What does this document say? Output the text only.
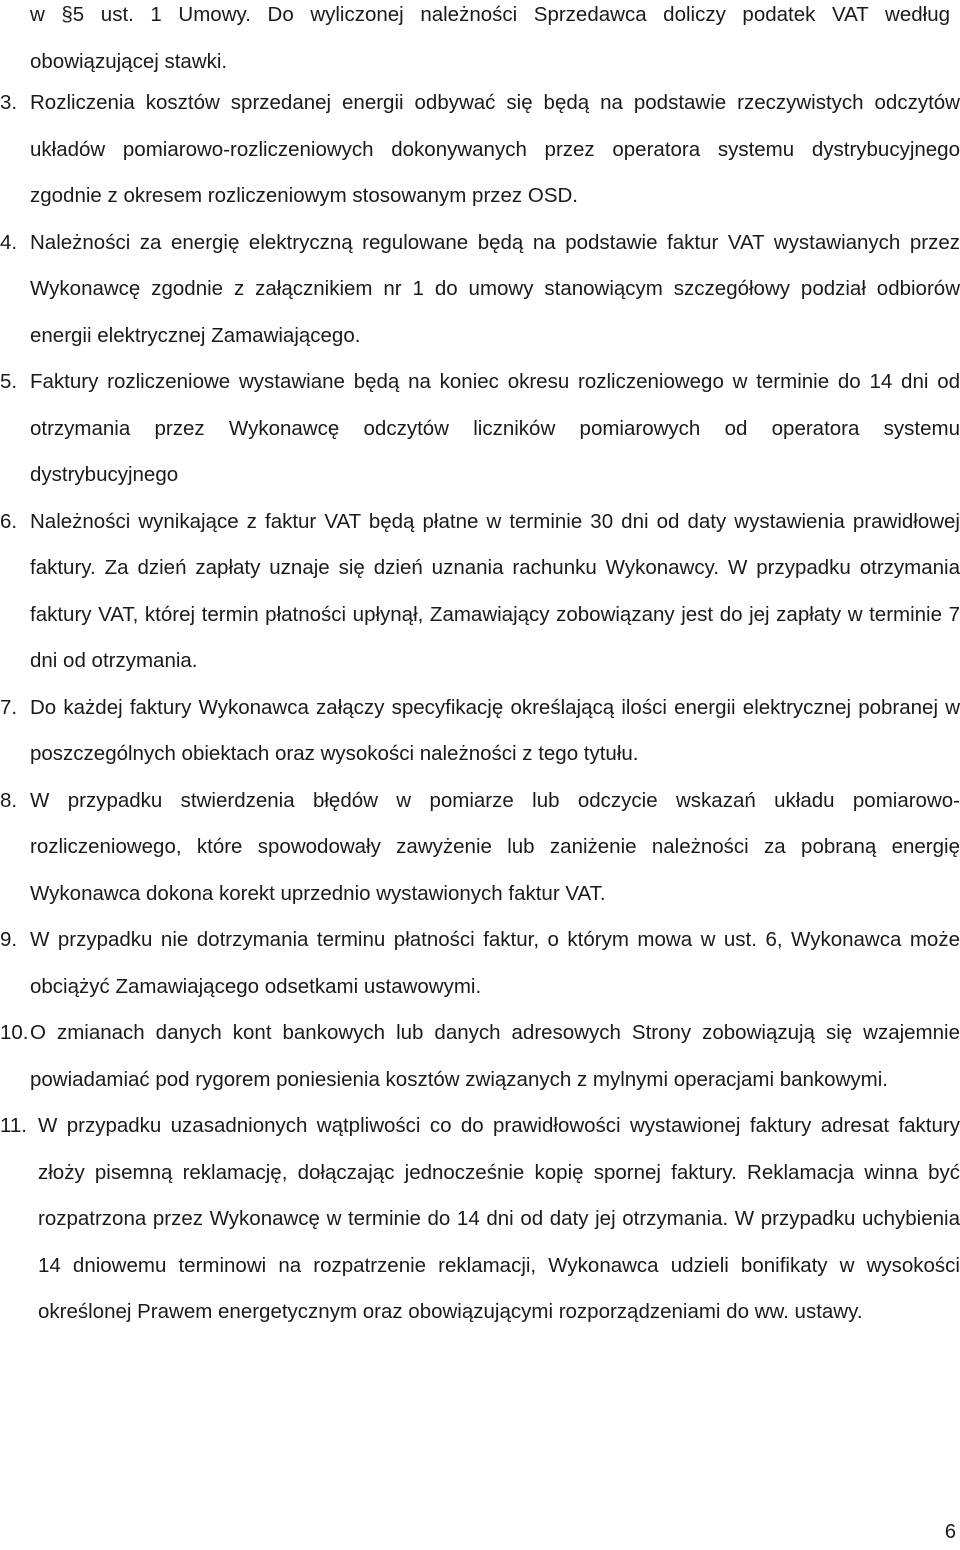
w §5 ust. 1 Umowy. Do wyliczonej należności Sprzedawca doliczy podatek VAT według obowiązującej stawki.

3. Rozliczenia kosztów sprzedanej energii odbywać się będą na podstawie rzeczywistych odczytów układów pomiarowo-rozliczeniowych dokonywanych przez operatora systemu dystrybucyjnego zgodnie z okresem rozliczeniowym stosowanym przez OSD.
4. Należności za energię elektryczną regulowane będą na podstawie faktur VAT wystawianych przez Wykonawcę zgodnie z załącznikiem nr 1 do umowy stanowiącym szczegółowy podział odbiorów energii elektrycznej Zamawiającego.
5. Faktury rozliczeniowe wystawiane będą na koniec okresu rozliczeniowego w terminie do 14 dni od otrzymania przez Wykonawcę odczytów liczników pomiarowych od operatora systemu dystrybucyjnego
6. Należności wynikające z faktur VAT będą płatne w terminie 30 dni od daty wystawienia prawidłowej faktury. Za dzień zapłaty uznaje się dzień uznania rachunku Wykonawcy. W przypadku otrzymania faktury VAT, której termin płatności upłynął, Zamawiający zobowiązany jest do jej zapłaty w terminie 7 dni od otrzymania.
7. Do każdej faktury Wykonawca załączy specyfikację określającą ilości energii elektrycznej pobranej w poszczególnych obiektach oraz wysokości należności z tego tytułu.
8. W przypadku stwierdzenia błędów w pomiarze lub odczycie wskazań układu pomiarowo-rozliczeniowego, które spowodowały zawyżenie lub zaniżenie należności za pobraną energię Wykonawca dokona korekt uprzednio wystawionych faktur VAT.
9. W przypadku nie dotrzymania terminu płatności faktur, o którym mowa w ust. 6, Wykonawca może obciążyć Zamawiającego odsetkami ustawowymi.
10. O zmianach danych kont bankowych lub danych adresowych Strony zobowiązują się wzajemnie powiadamiać pod rygorem poniesienia kosztów związanych z mylnymi operacjami bankowymi.
11. W przypadku uzasadnionych wątpliwości co do prawidłowości wystawionej faktury adresat faktury złoży pisemną reklamację, dołączając jednocześnie kopię spornej faktury. Reklamacja winna być rozpatrzona przez Wykonawcę w terminie do 14 dni od daty jej otrzymania. W przypadku uchybienia 14 dniowemu terminowi na rozpatrzenie reklamacji, Wykonawca udzieli bonifikaty w wysokości określonej Prawem energetycznym oraz obowiązującymi rozporządzeniami do ww. ustawy.
6
